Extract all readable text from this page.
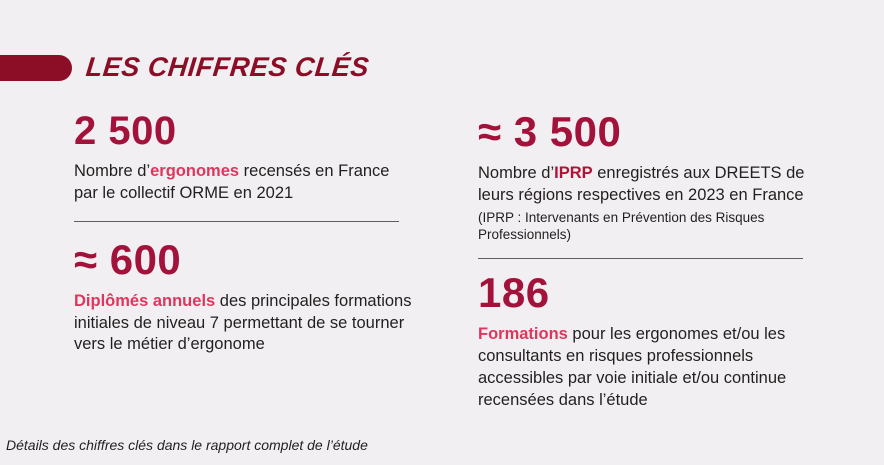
LES CHIFFRES CLÉS
2 500
Nombre d’ergonomes recensés en France par le collectif ORME en 2021
≈ 600
Diplômés annuels des principales formations initiales de niveau 7 permettant de se tourner vers le métier d’ergonome
≈ 3 500
Nombre d’IPRP enregistrés aux DREETS de leurs régions respectives en 2023 en France
(IPRP : Intervenants en Prévention des Risques Professionnels)
186
Formations pour les ergonomes et/ou les consultants en risques professionnels accessibles par voie initiale et/ou continue recensées dans l’étude
Détails des chiffres clés dans le rapport complet de l’étude
